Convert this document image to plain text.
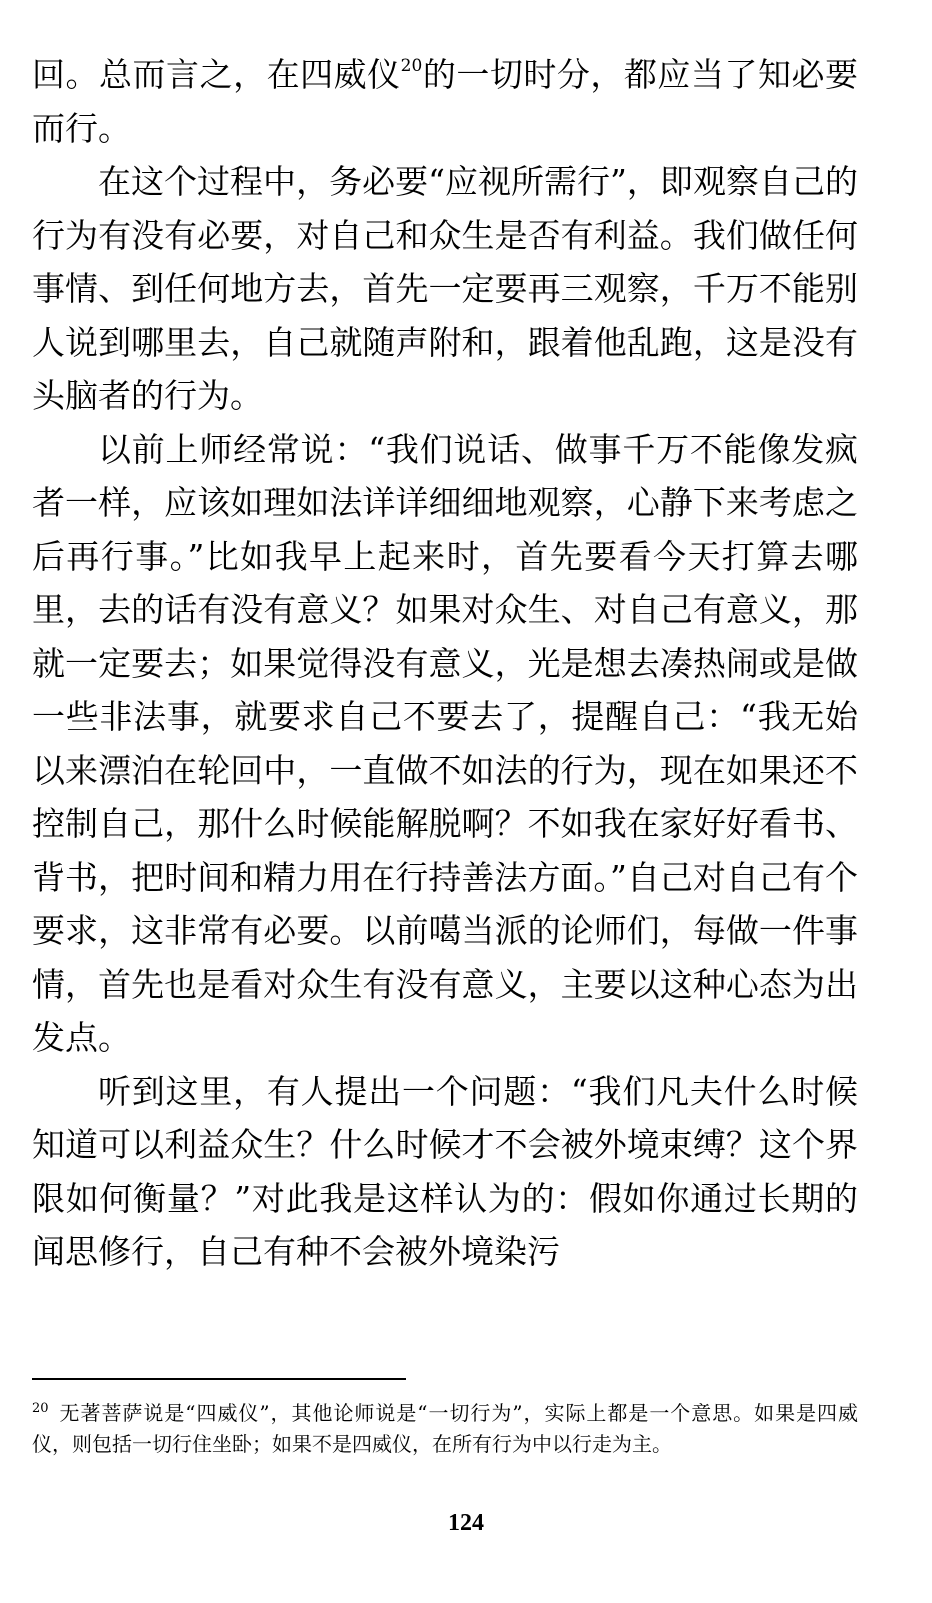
回。总而言之，在四威仪$^{20}$的一切时分，都应当了知必要而行。

在这个过程中，务必要“应视所需行”，即观察自己的行为有没有必要，对自己和众生是否有利益。我们做任何事情、到任何地方去，首先一定要再三观察，千万不能别人说到哪里去，自己就随声附和，跟着他乱跑，这是没有头脑者的行为。

以前上师经常说：“我们说话、做事千万不能像发疯者一样，应该如理如法详详细细地观察，心静下来考虑之后再行事。”比如我早上起来时，首先要看今天打算去哪里，去的话有没有意义？如果对众生、对自己有意义，那就一定要去；如果觉得没有意义，光是想去凑热闹或是做一些非法事，就要求自己不要去了，提醒自己：“我无始以来漂泊在轮回中，一直做不如法的行为，现在如果还不控制自己，那什么时候能解脱啊？不如我在家好好看书、背书，把时间和精力用在行持善法方面。”自己对自己有个要求，这非常有必要。以前噶当派的论师们，每做一件事情，首先也是看对众生有没有意义，主要以这种心态为出发点。

听到这里，有人提出一个问题：“我们凡夫什么时候知道可以利益众生？什么时候才不会被外境束缚？这个界限如何衡量？”对此我是这样认为的：假如你通过长期的闻思修行，自己有种不会被外境染污

$^{20}$ 无著菩萨说是“四威仪”，其他论师说是“一切行为”，实际上都是一个意思。如果是四威仪，则包括一切行住坐卧；如果不是四威仪，在所有行为中以行走为主。
124
